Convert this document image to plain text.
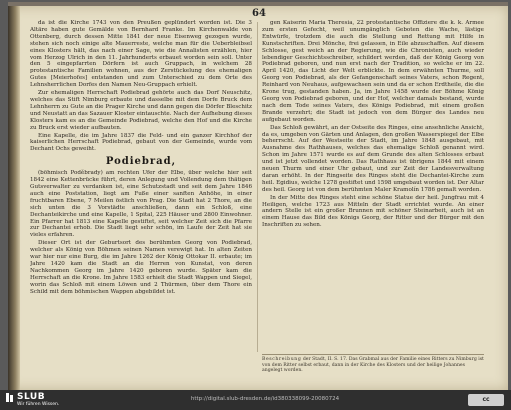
64

da ist die Kirche 1743 von den Preußen geplündert worden ist. Die 3 Altäre haben gute Gemälde von Bernhard Franke. Im Kirchenwalde von Ottenberg, durch dessen Mitte 1841 der neue Eisenweg gezogen wurde, stehen sich noch einige alte Mauerreste, welche man für die Ueberbleibsel eines Klosters hält, das nach einer Sage, wie die Annalisten erzählen, hier vom Herzog Ulrich in den 11. Jahrhunderts erbauet worden sein soll. Unter den 5 eingepfarrten Dörfern ist auch Gruppach, in welchem 28 protestantische Familien wohnen, aus der Zerstückelung des ehemaligen Gutes [Meierhofes] entstanden und zum Unterschied zu dem Orte des Lehnsherrlichen Dorfes den Namen Neu-Gruppach erhielt.

Zur ehemaligen Herrschaft Podiebrad gehörte auch das Dorf Neuschitz, welches das Stift Nimburg erbaute und dasselbe mit dem Dorfe Bruck dem Lehnherrn zu Gute an die Prager Kirche und dann gegen die Dörfer Bleschitz und Neustatt an das Sazauer Kloster eintauschte. Nach der Aufhebung dieses Klosters kam es an die Gemeinde Podiebrad, welche den Hof und die Kirche zu Bruck erst wieder aufbauten.

Eine Kapelle, die im Jahre 1837 die Feld- und ein ganzer Kirchhof der kaiserlichen Herrschaft Podiebrad, gebaut von der Gemeinde, wurde vom Dechant Ochs geweiht.

Podiebrad,

(böhmisch Poděbrady) am rechten Ufer der Elbe, über welche hier seit 1842 eine Kettenbrücke führt, deren Anlegung und Vollendung dem thätigen Gutsverwalter zu verdanken ist, eine Schutzstadt und seit dem Jahre 1846 auch eine Poststation, liegt am Fuße einer sanften Anhöhe, in einer fruchtbaren Ebene, 7 Meilen östlich von Prag. Die Stadt hat 2 Thore, an die sich unten die 3 Vorstädte anschließen, dann ein Schloß, eine Dechanteikirche und eine Kapelle, 1 Spital, 225 Häuser und 2800 Einwohner. Ein Pfarrer hat 1813 eine Kapelle gestiftet, seit welcher Zeit sich die Pfarre zur Dechantei erhob. Die Stadt liegt sehr schön, im Laufe der Zeit hat sie vieles erfahren.

Dieser Ort ist der Geburtsort des berühmten Georg von Podiebrad, welcher als König von Böhmen seinen Namen verewigt hat. In alten Zeiten war hier nur eine Burg, die im Jahre 1262 der König Ottokar II. erbaute; im Jahre 1420 kam die Stadt an die Herren von Kunstat, von deren Nachkommen Georg im Jahre 1420 geboren wurde. Später kam die Herrschaft an die Krone. Im Jahre 1583 erhielt die Stadt Wappen und Siegel, worin das Schloß mit einem Löwen und 2 Thürmen, über dem Thore ein Schild mit dem böhmischen Wappen abgebildet ist.

gen Kaiserin Maria Theresia, 22 protestantische Offiziere die k. k. Armee zum ersten Gefecht, weil unumgänglich Geboten die Wache, lästige Entwürfe, trotzdem die auch die Stellung und Rettung mit Hilfe in Kunstschriften. Drei Mönche, frei gelassen, in Eile abzuschaffen. Auf diesem Schlosse, gest weich an der Regierung, wie die Chronisten, auch wieder lebendiger Geschichtsschreiber, schildert werden, daß der König Georg von Podiebrad geboren, und nun erst nach der Tradition, so welche er im 22. April 1420, das Licht der Welt erblickte. In dem erwähnten Thurme, soll Georg von Podiebrad, als der Gefangenschaft seines Vaters, schon Regent, Reinhard von Neuhaus, aufgewachsen sein und da er schon Erdtheile, die die Krone trug, gestanden haben. Ja, im Jahre 1458 wurde der Böhme König Georg von Podiebrad geboren, und der Hof, welcher damals bestand, wurde nach dem Tode seines Vaters, des Königs Podiebrad, mit einem großen Brande verzehrt; die Stadt ist jedoch von dem Bürger des Landes neu aufgebaut worden.

Das Schloß gewährt, an der Ostseite des Ringes, eine ansehnliche Ansicht, da es, umgeben von Gärten und Anlagen, den großen Wasserspiegel der Elbe beherrscht. Auf der Westseite der Stadt, im Jahre 1848 ausgebaut, mit Ausnahme des Rathhauses, welches das ehemalige Schloß genannt wird. Schon im Jahre 1571 wurde es auf dem Grunde des alten Schlosses erbaut und ist jetzt vollendet worden. Das Rathhaus ist übrigens 1844 mit einem neuen Thurm und einer Uhr gebaut, und zur Zeit der Landesverwaltung daran erhöht. In der Ringseite des Ringes steht die Dechantei-Kirche zum heil. Egidius, welche 1278 gestiftet und 1598 umgebaut worden ist. Der Altar des heil. Georg ist von dem berühmten Maler Kramolín 1786 gemalt worden.

In der Mitte des Ringes steht eine schöne Statue der heil. Jungfrau mit 4 Heiligen, welche 1723 aus Mitteln der Stadt errichtet wurde. An einer andern Stelle ist ein großer Brunnen mit schöner Steinarbeit, auch ist an einem Hause das Bild des Königs Georg, der Ritter und der Bürger mit den Inschriften zu sehen.

Beschreibung der Stadt, II. S. 17. Das Grabmal aus der Familie eines Ritters zu Nimburg ist von dem Ritter selbst erbaut, dann in der Kirche des Klosters und der heilige Johannes angelegt worden.
SLUB
Wir führen Wissen.
http://digital.slub-dresden.de/id380338099-20080724	cc
